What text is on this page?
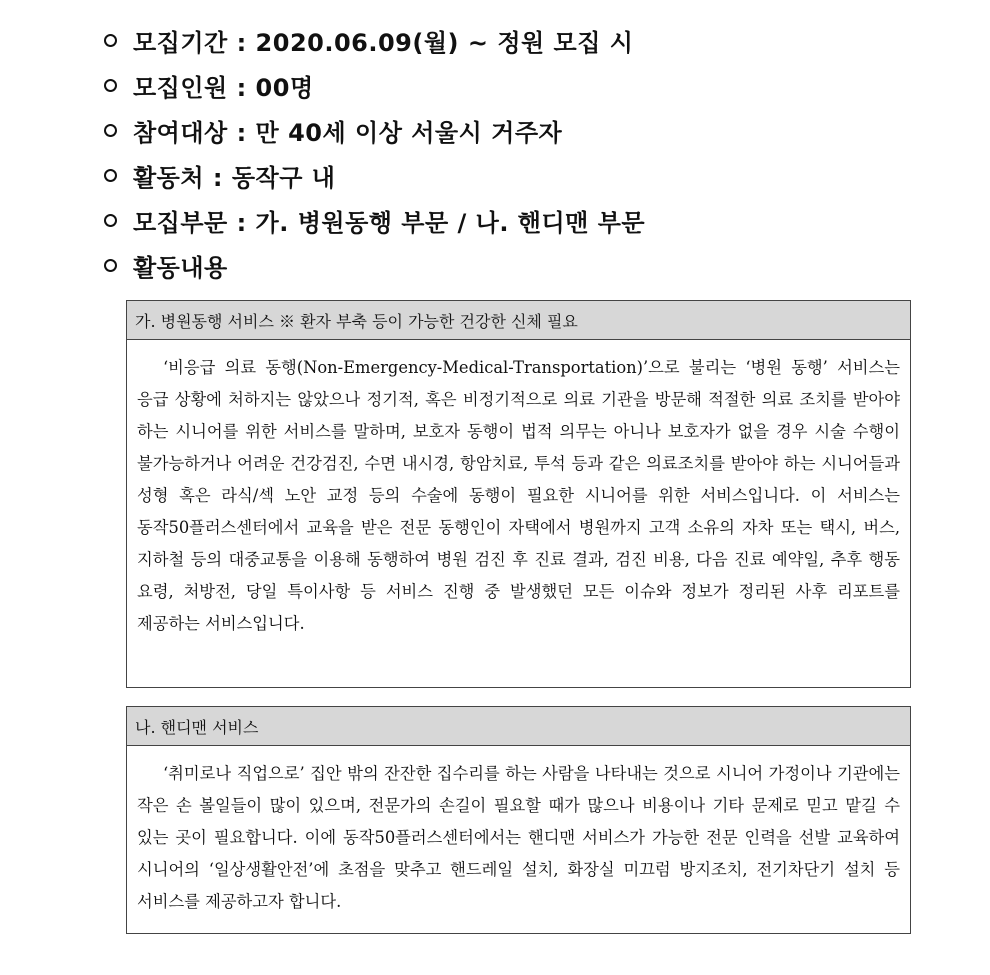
모집기간 : 2020.06.09(월) ~ 정원 모집 시
모집인원 : 00명
참여대상 : 만 40세 이상 서울시 거주자
활동처 : 동작구 내
모집부문 : 가. 병원동행 부문 / 나. 핸디맨 부문
활동내용
가. 병원동행 서비스 ※ 환자 부축 등이 가능한 건강한 신체 필요
‘비응급 의료 동행(Non-Emergency-Medical-Transportation)’으로 불리는 ‘병원 동행’ 서비스는 응급 상황에 처하지는 않았으나 정기적, 혹은 비정기적으로 의료 기관을 방문해 적절한 의료 조치를 받아야 하는 시니어를 위한 서비스를 말하며, 보호자 동행이 법적 의무는 아니나 보호자가 없을 경우 시술 수행이 불가능하거나 어려운 건강검진, 수면 내시경, 항암치료, 투석 등과 같은 의료조치를 받아야 하는 시니어들과 성형 혹은 라식/섹 노안 교정 등의 수술에 동행이 필요한 시니어를 위한 서비스입니다. 이 서비스는 동작50플러스센터에서 교육을 받은 전문 동행인이 자택에서 병원까지 고객 소유의 자차 또는 택시, 버스, 지하철 등의 대중교통을 이용해 동행하여 병원 검진 후 진료 결과, 검진 비용, 다음 진료 예약일, 추후 행동 요령, 처방전, 당일 특이사항 등 서비스 진행 중 발생했던 모든 이슈와 정보가 정리된 사후 리포트를 제공하는 서비스입니다.
나. 핸디맨 서비스
‘취미로나 직업으로’ 집안 밖의 잔잔한 집수리를 하는 사람을 나타내는 것으로 시니어 가정이나 기관에는 작은 손 볼일들이 많이 있으며, 전문가의 손길이 필요할 때가 많으나 비용이나 기타 문제로 믿고 맡길 수 있는 곳이 필요합니다. 이에 동작50플러스센터에서는 핸디맨 서비스가 가능한 전문 인력을 선발 교육하여 시니어의 ‘일상생활안전’에 초점을 맞추고 핸드레일 설치, 화장실 미끄럼 방지조치, 전기차단기 설치 등 서비스를 제공하고자 합니다.
